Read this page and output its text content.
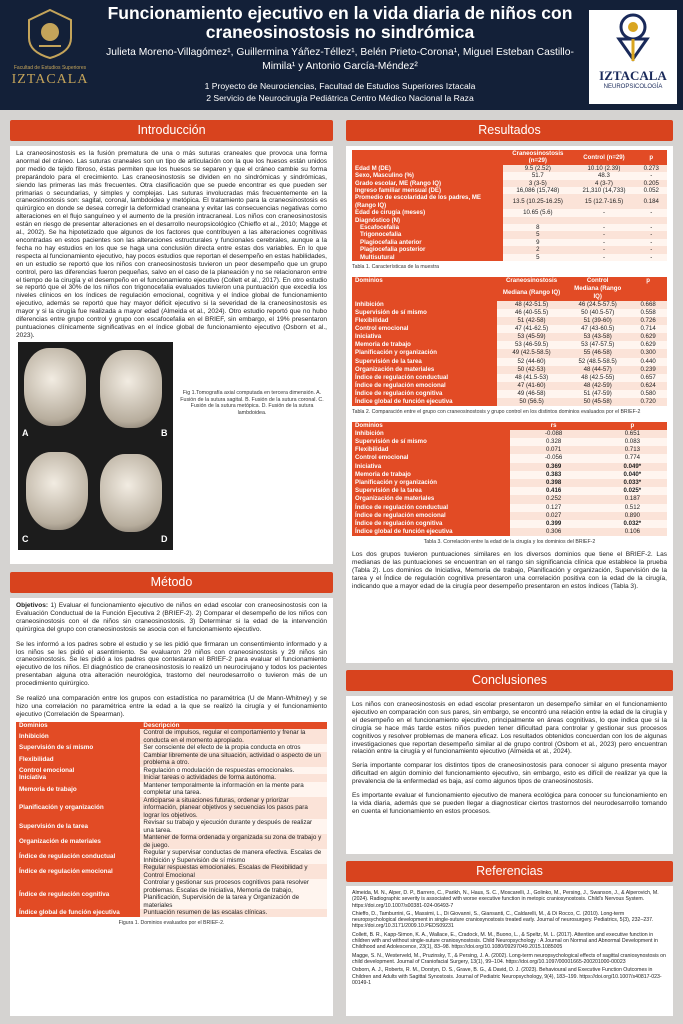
Facultad de Estudios Superiores
IZTACALA
Funcionamiento ejecutivo en la vida diaria de niños con craneosinostosis no sindrómica
Julieta Moreno-Villagómez¹, Guillermina Yáñez-Téllez¹, Belén Prieto-Corona¹, Miguel Esteban Castillo-Mimila¹ y Antonio García-Méndez²
1 Proyecto de Neurociencias, Facultad de Estudios Superiores Iztacala
2 Servicio de Neurocirugía Pediátrica Centro Médico Nacional la Raza
IZTACALA
NEUROPSICOLOGÍA
Introducción
La craneosinostosis es la fusión prematura de una o más suturas craneales que provoca una forma anormal del cráneo. Las suturas craneales son un tipo de articulación con la que los huesos están unidos por medio de tejido fibroso, éstas permiten que los huesos se separen y que el cráneo cambie su forma preparándolo para el crecimiento. Las craneosinostosis se dividen en no sindrómicas y sindrómicas, siendo las primeras las más frecuentes. Otra clasificación que se puede encontrar es que pueden ser primarias o secundarias, y simples y complejas. Las suturas involucradas más frecuentemente en la craneosinostosis son: sagital, coronal, lambdoidea y metópica. El tratamiento para la craneosinostosis es quirúrgico en donde se desea corregir la deformidad craneana y evitar las consecuencias negativas como alteraciones en el flujo sanguíneo y el aumento de la presión intracraneal. Los niños con craneosinostosis están en riesgo de presentar alteraciones en el desarrollo neuropsicológico (Chieffo et al., 2010; Magge et al., 2002). Se ha hipotetizado que algunos de los factores que contribuyen a las alteraciones cognitivas encontradas en estos pacientes son las alteraciones estructurales y funcionales cerebrales, aunque a la fecha no hay estudios en los que se haga una conclusión directa entre estas dos variables. En lo que respecta al funcionamiento ejecutivo, hay pocos estudios que reportan el desempeño en estas habilidades, en un estudio se reportó que los niños con craneosinostosis tuvieron un peor desempeño que un grupo control, pero las diferencias fueron pequeñas, salvo en el caso de la planeación y no se relacionaron entre el tiempo de la cirugía y el desempeño en el funcionamiento ejecutivo (Collett et al., 2017). En otro estudio se reportó que el 30% de los niños con trigonocefalia evaluados tuvieron una puntuación que excedía los niveles clínicos en los índices de regulación emocional, cognitiva y el índice global de funcionamiento ejecutivo, además se reportó que hay mayor déficit ejecutivo si la severidad de la craneosinostosis es mayor y si la cirugía fue realizada a mayor edad (Almeida et al., 2024). Otro estudio reportó que no hubo diferencias entre grupo control y grupo con escafocefalia en el BRIEF, sin embargo, el 19% presentaron puntuaciones clínicamente significativas en el índice global de funcionamiento ejecutivo (Osborn et al., 2023).
A	B
C	D
Fig 1.Tomografía axial computada en tercera dimensión. A. Fusión de la sutura sagital. B. Fusión de la sutura coronal. C. Fusión de la sutura metópica. D. Fusión de la sutura lambdoidea.
Método
Objetivos: 1) Evaluar el funcionamiento ejecutivo de niños en edad escolar con craneosinostosis con la Evaluación Conductual de la Función Ejecutiva 2 (BRIEF-2). 2) Comparar el desempeño de los niños con craneosinostosis con el de niños sin craneosinostosis. 3) Determinar si la edad de la intervención quirúrgica del grupo con craneosinostosis se asocia con el funcionamiento ejecutivo.
Se les informó a los padres sobre el estudio y se les pidió que firmaran un consentimiento informado y a los niños se les pidió el asentimiento. Se evaluaron 29 niños con craneosinostosis y 29 niños sin craneosinostosis. Se les pidió a los padres que contestaran el BRIEF-2 para evaluar el funcionamiento ejecutivo de los niños. El diagnóstico de craneosinostosis lo realizó un neurocirujano y todos los pacientes presentaban alguna otra alteración neurológica, trastorno del neurodesarrollo o tuvieron más de un procedimiento quirúrgico.
Se realizó una comparación entre los grupos con estadística no paramétrica (U de Mann-Whitney) y se hizo una correlación no paramétrica entre la edad a la que se realizó la cirugía y el funcionamiento ejecutivo (Correlación de Spearman).
Dominios	Descripción
Inhibición	Control de impulsos, regular el comportamiento y frenar la conducta en el momento apropiado.
Supervisión de sí mismo	Ser consciente del efecto de la propia conducta en otros
Flexibilidad	Cambiar libremente de una situación, actividad o aspecto de un problema a otro.
Control emocional	Regulación o modulación de respuestas emocionales.
Iniciativa	Iniciar tareas o actividades de forma autónoma.
Memoria de trabajo	Mantener temporalmente la información en la mente para completar una tarea.
Planificación y organización	Anticiparse a situaciones futuras, ordenar y priorizar información, planear objetivos y secuencias los pasos para lograr los objetivos.
Supervisión de la tarea	Revisar su trabajo y ejecución durante y después de realizar una tarea.
Organización de materiales	Mantener de forma ordenada y organizada su zona de trabajo y de juego.
Índice de regulación conductual	Regular y supervisar conductas de manera efectiva. Escalas de Inhibición y Supervisión de sí mismo
Índice de regulación emocional	Regular respuestas emocionales. Escalas de Flexibilidad y Control Emocional
Índice de regulación cognitiva	Controlar y gestionar sus procesos cognitivos para resolver problemas. Escalas de Iniciativa, Memoria de trabajo, Planificación, Supervisión de la tarea y Organización de materiales
Índice global de función ejecutiva	Puntuación resumen de las escalas clínicas.
Figura 1. Dominios evaluados por el BRIEF-2.
Resultados
	Craneosinostosis (n=29)	Control (n=29)	p
Edad M (DE)	9.5 (2.52)	10.10 (2.39)	0.273
Sexo, Masculino (%)	51.7	48.3	-
Grado escolar, ME (Rango IQ)	3 (3-5)	4 (3-7)	0.205
Ingreso familiar mensual (DE)	16,086 (15,748)	21,310 (14,733)	0.052
Promedio de escolaridad de los padres, ME (Rango IQ)	13.5 (10.25-16.25)	15 (12.7-16.5)	0.184
Edad de cirugía (meses)	10.65 (5.6)	-	-
Diagnóstico (N)			
Escafocefalia	8	-	-
Trigonocefalia	5	-	-
Plagiocefalia anterior	9	-	-
Plagiocefalia posterior	2	-	-
Multisutural	5	-	-
Tabla 1. Características de la muestra
Dominios	Craneosinostosis	Control	p
	Mediana (Rango IQ)	Mediana (Rango IQ)	
Inhibición	48 (42-51.5)	46 (24.5-57.5)	0.668
Supervisión de sí mismo	46 (40-55.5)	50 (40.5-57)	0.558
Flexibilidad	51 (42-58)	51 (39-60)	0.726
Control emocional	47 (41-62.5)	47 (43-60.5)	0.714
Iniciativa	53 (45-59)	53 (43-58)	0.629
Memoria de trabajo	53 (46-59.5)	53 (47-57.5)	0.629
Planificación y organización	49 (42.5-58.5)	55 (46-58)	0.300
Supervisión de la tarea	52 (44-60)	52 (48.5-58.5)	0.440
Organización de materiales	50 (42-53)	48 (44-57)	0.239
Índice de regulación conductual	48 (41.5-53)	48 (42.5-55)	0.657
Índice de regulación emocional	47 (41-60)	48 (42-59)	0.624
Índice de regulación cognitiva	49 (46-58)	51 (47-59)	0.580
Índice global de función ejecutiva	50 (56.5)	50 (45-58)	0.720
Tabla 2. Comparación entre el grupo con craneosinostosis y grupo control en los distintos dominios evaluados por el BRIEF-2
Dominios	rs	p
Inhibición	-0.088	0.651
Supervisión de sí mismo	0.328	0.083
Flexibilidad	0.071	0.713
Control emocional	-0.056	0.774
Iniciativa	0.369	0.049*
Memoria de trabajo	0.383	0.040*
Planificación y organización	0.398	0.033*
Supervisión de la tarea	0.416	0.025*
Organización de materiales	0.252	0.187
Índice de regulación conductual	0.127	0.512
Índice de regulación emocional	0.027	0.890
Índice de regulación cognitiva	0.399	0.032*
Índice global de función ejecutiva	0.306	0.106
Tabla 3. Correlación entre la edad de la cirugía y los dominios del BRIEF-2
Los dos grupos tuvieron puntuaciones similares en los diversos dominios que tiene el BRIEF-2. Las medianas de las puntuaciones se encuentran en el rango sin significancia clínica que establece la prueba (Tabla 2). Los dominios de Iniciativa, Memoria de trabajo, Planificación y organización, Supervisión de la tarea y el Índice de regulación cognitiva presentaron una correlación positiva con la edad de la cirugía, indicando que a mayor edad de la cirugía peor desempeño presentaron en estos índices (Tabla 3).
Conclusiones
Los niños con craneosinostosis en edad escolar presentaron un desempeño similar en el funcionamiento ejecutivo en comparación con sus pares, sin embargo, se encontró una relación entre la edad de la cirugía y el desempeño en el funcionamiento ejecutivo, principalmente en áreas cognitivas, lo que indica que si la cirugía se hace más tarde estos niños pueden tener dificultad para controlar y gestionar sus procesos cognitivos y resolver problemas de manera eficaz. Los resultados obtenidos concuerdan con los de algunas investigaciones que reportan desempeño similar al de grupo control (Osborn et al., 2023) pero encuentran relación entre la cirugía y el funcionamiento ejecutivo (Almeida et al., 2024).
Sería importante comparar los distintos tipos de craneosinostosis para conocer si alguno presenta mayor dificultad en algún dominio del funcionamiento ejecutivo, sin embargo, esto es difícil de realizar ya que la prevalencia de la enfermedad es baja, así como algunos tipos de craneosinostosis.
Es importante evaluar el funcionamiento ejecutivo de manera ecológica para conocer su funcionamiento en la vida diaria, además que se pueden llegar a diagnosticar ciertos trastornos del neurodesarrollo tomando en cuenta el funcionamiento en estos procesos.
Referencias
Almeida, M. N., Alper, D. P., Barrero, C., Parikh, N., Haus, S. C., Moscarelli, J., Golinko, M., Persing, J., Swanson, J., & Alperovich, M. (2024). Radiographic severity is associated with worse executive function in metopic craniosynostosis. Child's Nervous System. https://doi.org/10.1007/s00381-024-06493-7
Chieffo, D., Tamburrini, G., Massimi, L., Di Giovanni, S., Giansanti, C., Caldarelli, M., & Di Rocco, C. (2010). Long-term neuropsychological development in single-suture craniosynostosis treated early. Journal of neurosurgery. Pediatrics, 5(3), 232–237. https://doi.org/10.3171/2009.10.PEDS09231
Collett, B. R., Kapp-Simon, K. A., Wallace, E., Cradock, M. M., Buono, L., & Speltz, M. L. (2017). Attention and executive function in children with and without single-suture craniosynostosis. Child Neuropsychology : A Journal on Normal and Abnormal Development in Childhood and Adolescence, 23(1), 83–98. https://doi.org/10.1080/09297049.2015.1085005
Magge, S. N., Westerveld, M., Pruzinsky, T., & Persing, J. A. (2002). Long-term neuropsychological effects of sagittal craniosynostosis on child development. Journal of Craniofacial Surgery, 13(1), 99–104. https://doi.org/10.1097/00001665-200201000-00023
Osborn, A. J., Roberts, R. M., Dorstyn, D. S., Grave, B. G., & David, D. J. (2023). Behavioural and Executive Function Outcomes in Children and Adults with Sagittal Synostosis. Journal of Pediatric Neuropsychology, 9(4), 183–199. https://doi.org/10.1007/s40817-023-00149-1
